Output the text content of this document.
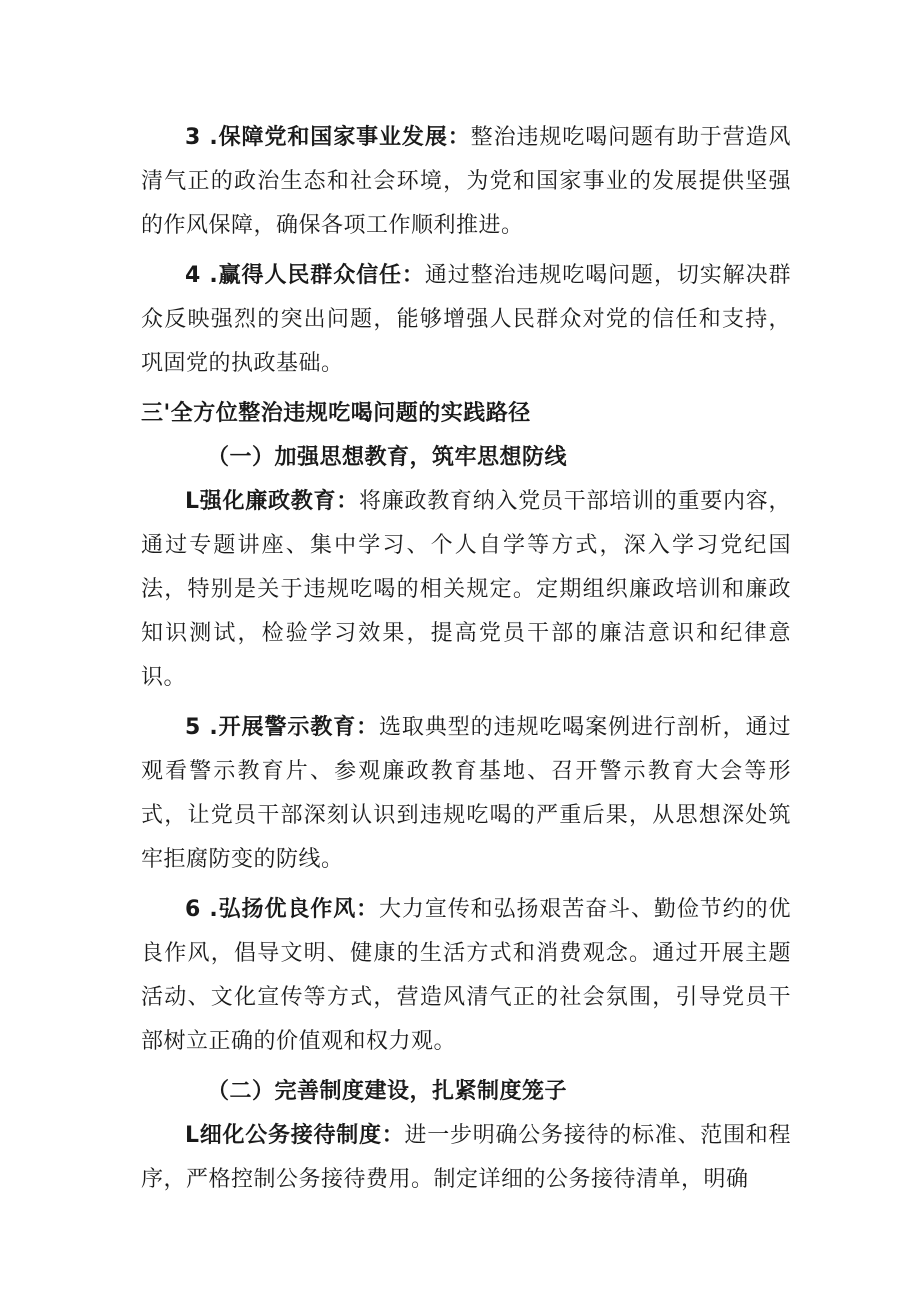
3 .保障党和国家事业发展：整治违规吃喝问题有助于营造风清气正的政治生态和社会环境，为党和国家事业的发展提供坚强的作风保障，确保各项工作顺利推进。

4 .赢得人民群众信任：通过整治违规吃喝问题，切实解决群众反映强烈的突出问题，能够增强人民群众对党的信任和支持，巩固党的执政基础。

三'全方位整治违规吃喝问题的实践路径

（一）加强思想教育，筑牢思想防线

L强化廉政教育：将廉政教育纳入党员干部培训的重要内容，通过专题讲座、集中学习、个人自学等方式，深入学习党纪国法，特别是关于违规吃喝的相关规定。定期组织廉政培训和廉政知识测试，检验学习效果，提高党员干部的廉洁意识和纪律意识。

5 .开展警示教育：选取典型的违规吃喝案例进行剖析，通过观看警示教育片、参观廉政教育基地、召开警示教育大会等形式，让党员干部深刻认识到违规吃喝的严重后果，从思想深处筑牢拒腐防变的防线。

6 .弘扬优良作风：大力宣传和弘扬艰苦奋斗、勤俭节约的优良作风，倡导文明、健康的生活方式和消费观念。通过开展主题活动、文化宣传等方式，营造风清气正的社会氛围，引导党员干部树立正确的价值观和权力观。

（二）完善制度建设，扎紧制度笼子

L细化公务接待制度：进一步明确公务接待的标准、范围和程序，严格控制公务接待费用。制定详细的公务接待清单，明确
